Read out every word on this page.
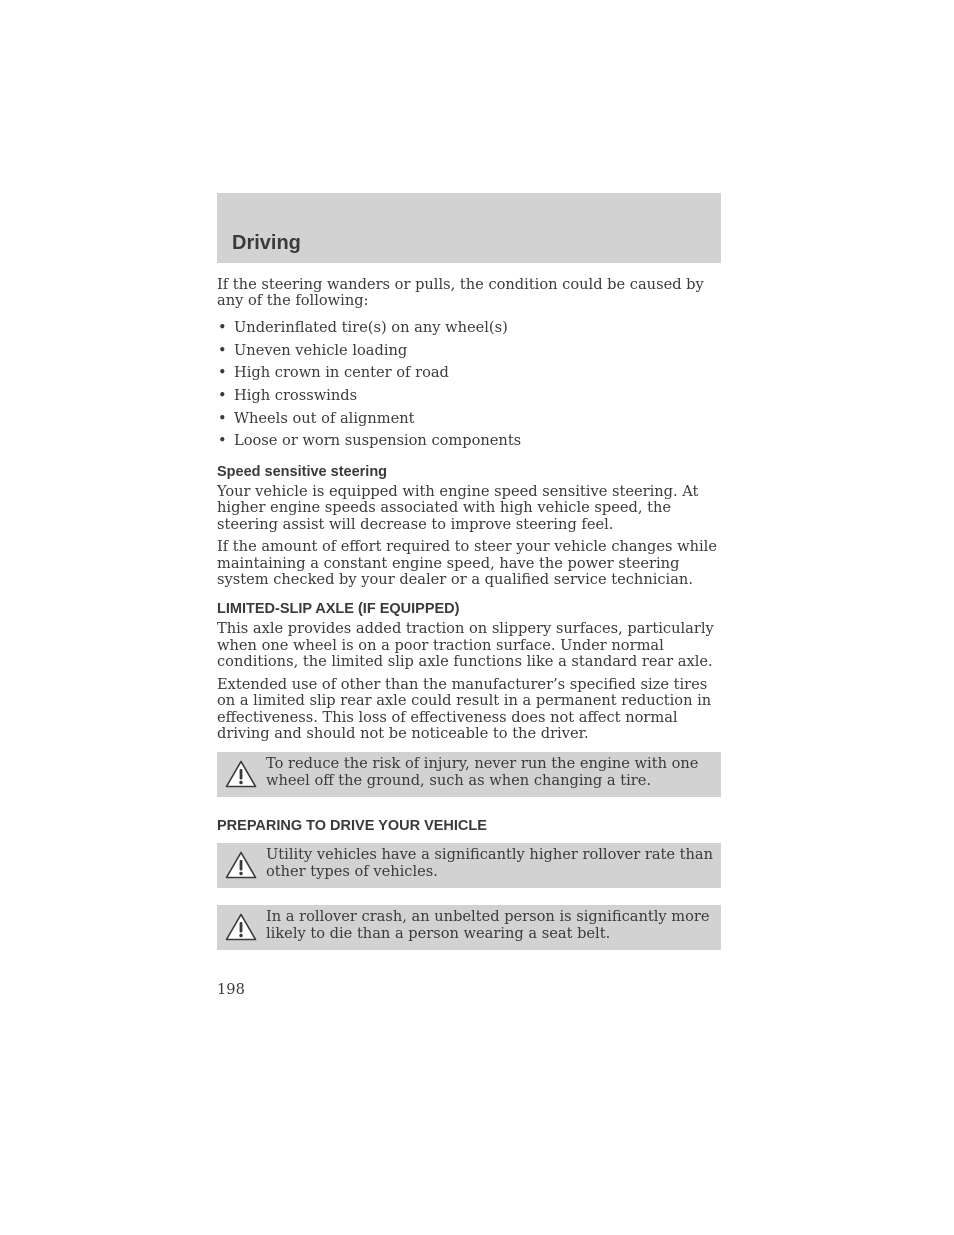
Driving

If the steering wanders or pulls, the condition could be caused by any of the following:

• Underinflated tire(s) on any wheel(s)
• Uneven vehicle loading
• High crown in center of road
• High crosswinds
• Wheels out of alignment
• Loose or worn suspension components
Speed sensitive steering

Your vehicle is equipped with engine speed sensitive steering. At higher engine speeds associated with high vehicle speed, the steering assist will decrease to improve steering feel.

If the amount of effort required to steer your vehicle changes while maintaining a constant engine speed, have the power steering system checked by your dealer or a qualified service technician.

LIMITED-SLIP AXLE (IF EQUIPPED)

This axle provides added traction on slippery surfaces, particularly when one wheel is on a poor traction surface. Under normal conditions, the limited slip axle functions like a standard rear axle.

Extended use of other than the manufacturer’s specified size tires on a limited slip rear axle could result in a permanent reduction in effectiveness. This loss of effectiveness does not affect normal driving and should not be noticeable to the driver.

To reduce the risk of injury, never run the engine with one wheel off the ground, such as when changing a tire.

PREPARING TO DRIVE YOUR VEHICLE

Utility vehicles have a significantly higher rollover rate than other types of vehicles.

In a rollover crash, an unbelted person is significantly more likely to die than a person wearing a seat belt.

198
